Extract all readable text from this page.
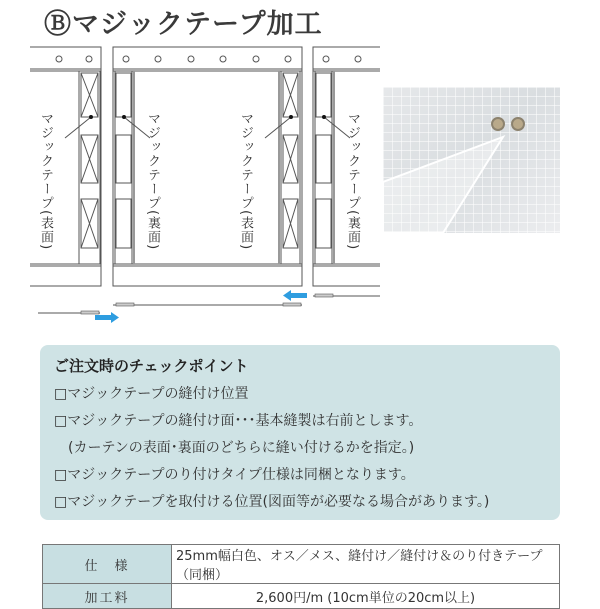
Ⓑマジックテープ加工
マジックテープ(表面)	マジックテープ(裏面)	マジックテープ(表面)	マジックテープ(裏面)
ご注文時のチェックポイント
□マジックテープの縫付け位置
□マジックテープの縫付け面･･･基本縫製は右前とします。
　(カーテンの表面･裏面のどちらに縫い付けるかを指定。)
□マジックテープのり付けタイプ仕様は同梱となります。
□マジックテープを取付ける位置(図面等が必要なる場合があります。)
仕　様	25mm幅白色、オス／メス、縫付け／縫付け＆のり付きテープ （同梱）
加工料	2,600円/m (10cm単位の20cm以上)
